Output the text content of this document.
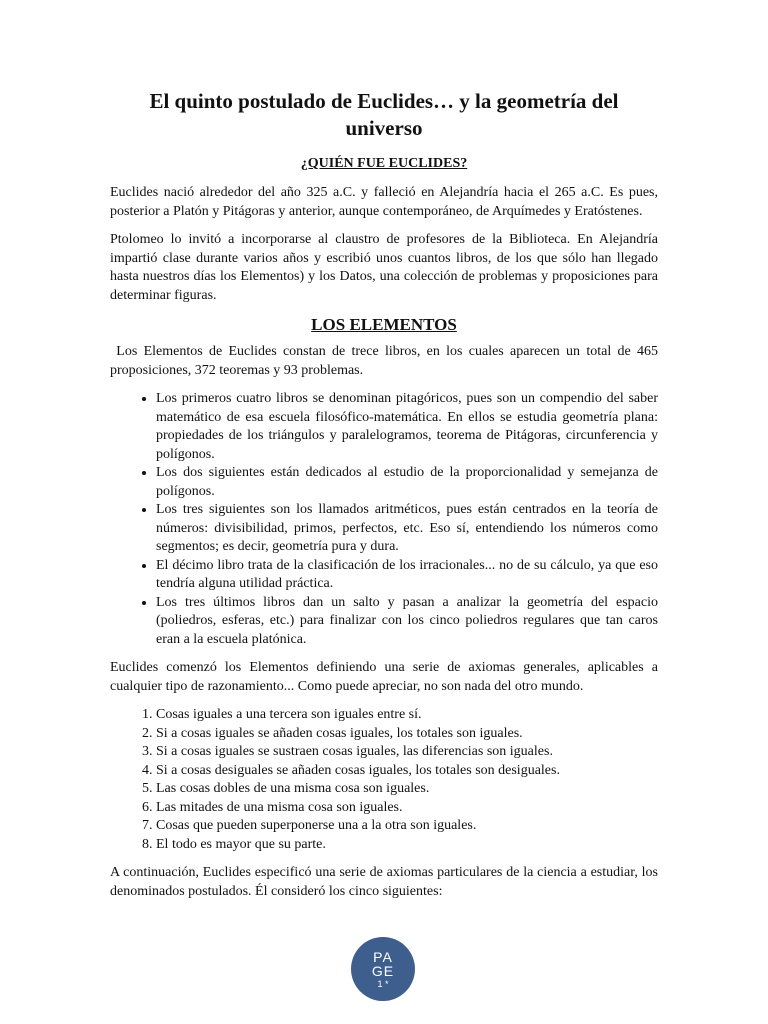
El quinto postulado de Euclides… y la geometría del universo
¿QUIÉN FUE EUCLIDES?

Euclides nació alrededor del año 325 a.C. y falleció en Alejandría hacia el 265 a.C. Es pues, posterior a Platón y Pitágoras y anterior, aunque contemporáneo, de Arquímedes y Eratóstenes.

Ptolomeo lo invitó a incorporarse al claustro de profesores de la Biblioteca. En Alejandría impartió clase durante varios años y escribió unos cuantos libros, de los que sólo han llegado hasta nuestros días los Elementos) y los Datos, una colección de problemas y proposiciones para determinar figuras.

LOS ELEMENTOS

Los Elementos de Euclides constan de trece libros, en los cuales aparecen un total de 465 proposiciones, 372 teoremas y 93 problemas.

• Los primeros cuatro libros se denominan pitagóricos, pues son un compendio del saber matemático de esa escuela filosófico-matemática. En ellos se estudia geometría plana: propiedades de los triángulos y paralelogramos, teorema de Pitágoras, circunferencia y polígonos.
• Los dos siguientes están dedicados al estudio de la proporcionalidad y semejanza de polígonos.
• Los tres siguientes son los llamados aritméticos, pues están centrados en la teoría de números: divisibilidad, primos, perfectos, etc. Eso sí, entendiendo los números como segmentos; es decir, geometría pura y dura.
• El décimo libro trata de la clasificación de los irracionales... no de su cálculo, ya que eso tendría alguna utilidad práctica.
• Los tres últimos libros dan un salto y pasan a analizar la geometría del espacio (poliedros, esferas, etc.) para finalizar con los cinco poliedros regulares que tan caros eran a la escuela platónica.

Euclides comenzó los Elementos definiendo una serie de axiomas generales, aplicables a cualquier tipo de razonamiento... Como puede apreciar, no son nada del otro mundo.

1. Cosas iguales a una tercera son iguales entre sí.
2. Si a cosas iguales se añaden cosas iguales, los totales son iguales.
3. Si a cosas iguales se sustraen cosas iguales, las diferencias son iguales.
4. Si a cosas desiguales se añaden cosas iguales, los totales son desiguales.
5. Las cosas dobles de una misma cosa son iguales.
6. Las mitades de una misma cosa son iguales.
7. Cosas que pueden superponerse una a la otra son iguales.
8. El todo es mayor que su parte.

A continuación, Euclides especificó una serie de axiomas particulares de la ciencia a estudiar, los denominados postulados. Él consideró los cinco siguientes:

PA
GE
1 *
